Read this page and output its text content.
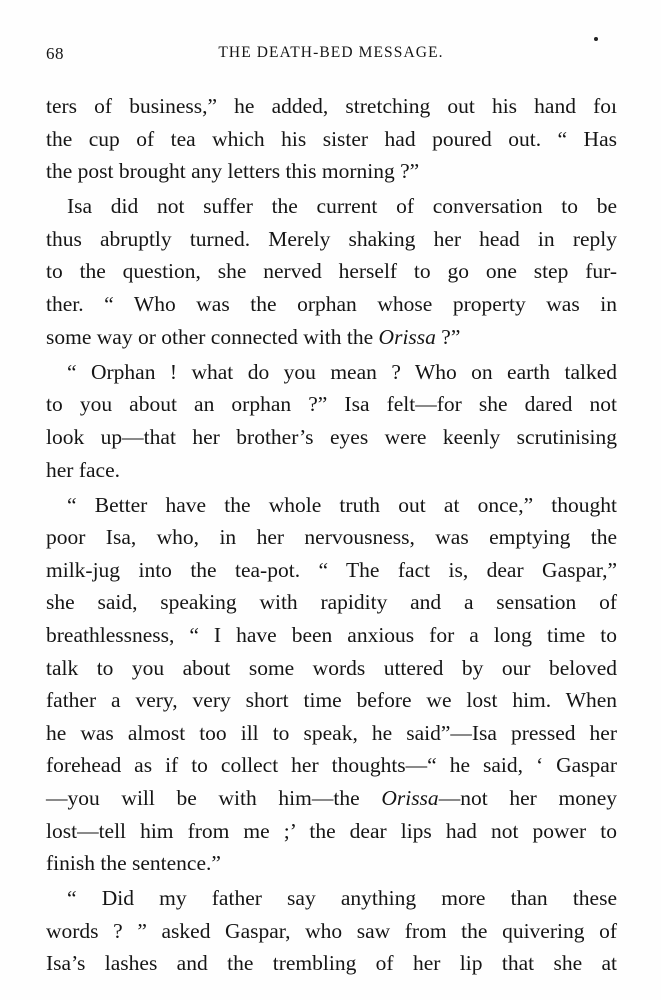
68	THE DEATH-BED MESSAGE.
ters of business,” he added, stretching out his hand foı
the cup of tea which his sister had poured out. “ Has
the post brought any letters this morning ?”
Isa did not suffer the current of conversation to be
thus abruptly turned. Merely shaking her head in reply
to the question, she nerved herself to go one step fur-
ther. “ Who was the orphan whose property was in
some way or other connected with the Orissa ?”
“ Orphan ! what do you mean ? Who on earth talked
to you about an orphan ?” Isa felt—for she dared not
look up—that her brother’s eyes were keenly scrutinising
her face.
“ Better have the whole truth out at once,” thought
poor Isa, who, in her nervousness, was emptying the
milk-jug into the tea-pot. “ The fact is, dear Gaspar,”
she said, speaking with rapidity and a sensation of
breathlessness, “ I have been anxious for a long time to
talk to you about some words uttered by our beloved
father a very, very short time before we lost him. When
he was almost too ill to speak, he said”—Isa pressed her
forehead as if to collect her thoughts—“ he said, ‘ Gaspar
—you will be with him—the Orissa—not her money
lost—tell him from me ;’ the dear lips had not power to
finish the sentence.”
“ Did my father say anything more than these
words ? ” asked Gaspar, who saw from the quivering of
Isa’s lashes and the trembling of her lip that she at
